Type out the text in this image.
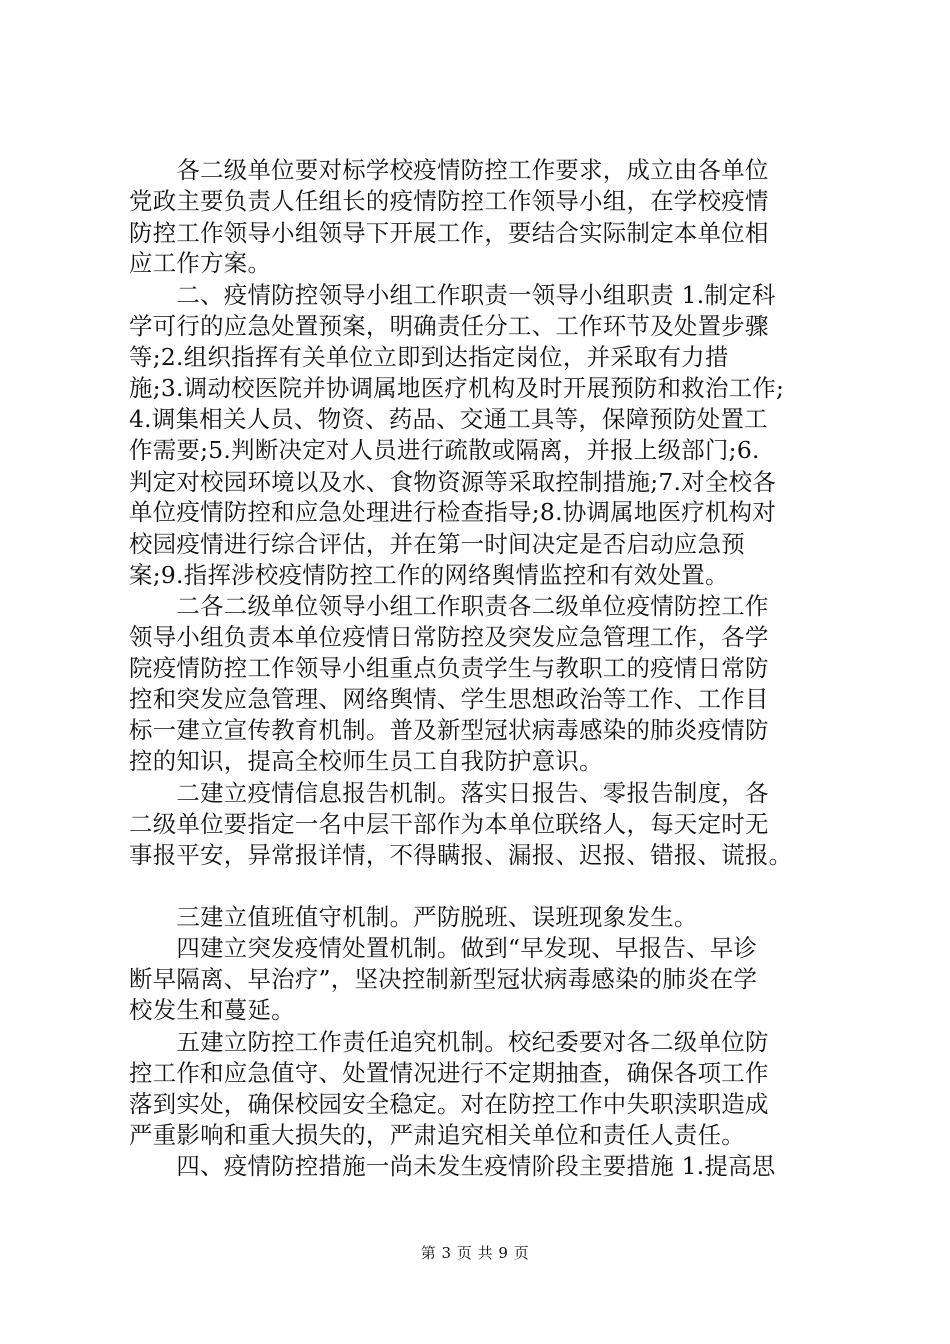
　　各二级单位要对标学校疫情防控工作要求，成立由各单位
党政主要负责人任组长的疫情防控工作领导小组，在学校疫情
防控工作领导小组领导下开展工作，要结合实际制定本单位相
应工作方案。
　　二、疫情防控领导小组工作职责一领导小组职责 1.制定科
学可行的应急处置预案，明确责任分工、工作环节及处置步骤
等;2.组织指挥有关单位立即到达指定岗位，并采取有力措
施;3.调动校医院并协调属地医疗机构及时开展预防和救治工作;
4.调集相关人员、物资、药品、交通工具等，保障预防处置工
作需要;5.判断决定对人员进行疏散或隔离，并报上级部门;6.
判定对校园环境以及水、食物资源等采取控制措施;7.对全校各
单位疫情防控和应急处理进行检查指导;8.协调属地医疗机构对
校园疫情进行综合评估，并在第一时间决定是否启动应急预
案;9.指挥涉校疫情防控工作的网络舆情监控和有效处置。
　　二各二级单位领导小组工作职责各二级单位疫情防控工作
领导小组负责本单位疫情日常防控及突发应急管理工作，各学
院疫情防控工作领导小组重点负责学生与教职工的疫情日常防
控和突发应急管理、网络舆情、学生思想政治等工作、工作目
标一建立宣传教育机制。普及新型冠状病毒感染的肺炎疫情防
控的知识，提高全校师生员工自我防护意识。
　　二建立疫情信息报告机制。落实日报告、零报告制度，各
二级单位要指定一名中层干部作为本单位联络人，每天定时无
事报平安，异常报详情，不得瞒报、漏报、迟报、错报、谎报。
　　三建立值班值守机制。严防脱班、误班现象发生。
　　四建立突发疫情处置机制。做到“早发现、早报告、早诊
断早隔离、早治疗”，坚决控制新型冠状病毒感染的肺炎在学
校发生和蔓延。
　　五建立防控工作责任追究机制。校纪委要对各二级单位防
控工作和应急值守、处置情况进行不定期抽查，确保各项工作
落到实处，确保校园安全稳定。对在防控工作中失职渎职造成
严重影响和重大损失的，严肃追究相关单位和责任人责任。
　　四、疫情防控措施一尚未发生疫情阶段主要措施 1.提高思
第 3 页 共 9 页
